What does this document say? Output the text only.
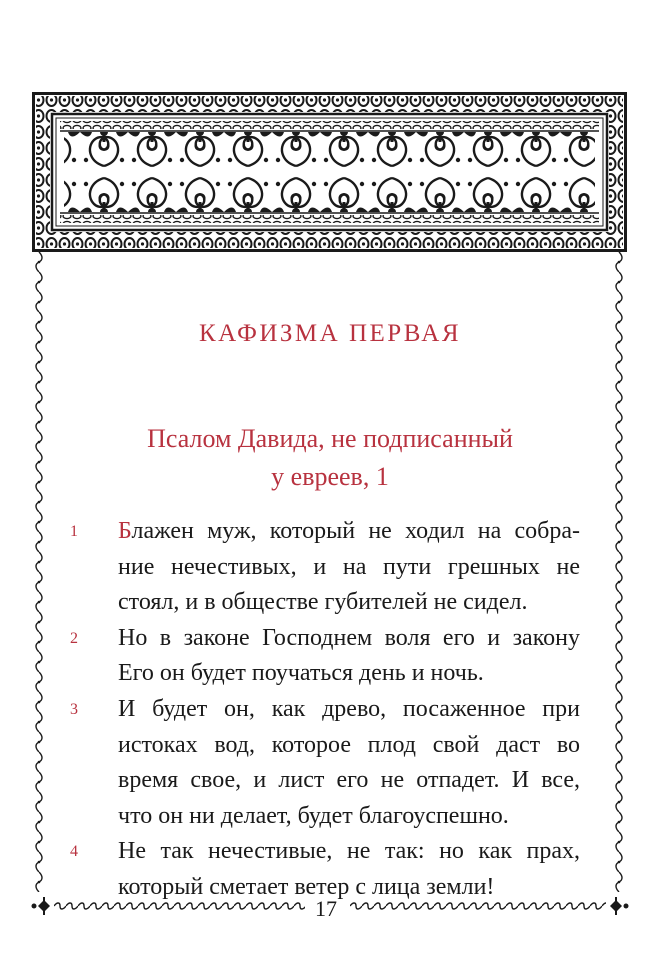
17
КАФИЗМА ПЕРВАЯ
Псалом Давида, не подписанный
у евреев, 1
1	Блажен муж, который не ходил на собра-
ние нечестивых, и на пути грешных не
стоял, и в обществе губителей не сидел.
2	Но в законе Господнем воля его и закону
Его он будет поучаться день и ночь.
3	И будет он, как древо, посаженное при
истоках вод, которое плод свой даст во
время свое, и лист его не отпадет. И все,
что он ни делает, будет благоуспешно.
4	Не так нечестивые, не так: но как прах,
который сметает ветер с лица земли!
